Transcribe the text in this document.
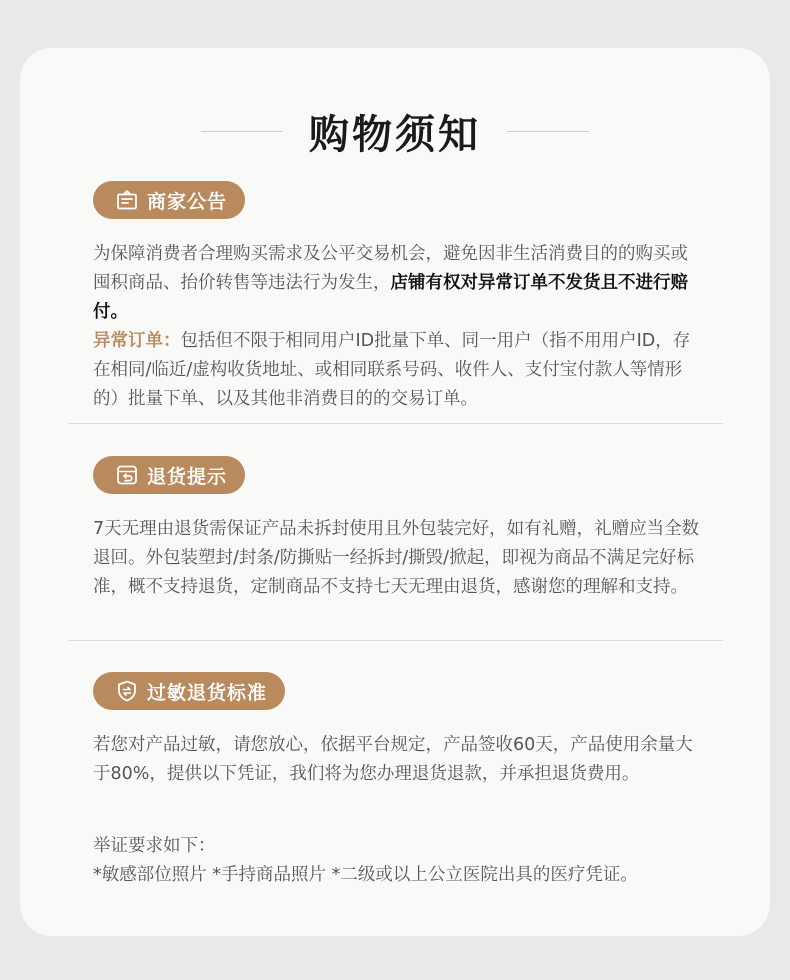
购物须知
商家公告

为保障消费者合理购买需求及公平交易机会，避免因非生活消费目的的购买或囤积商品、抬价转售等违法行为发生，店铺有权对异常订单不发货且不进行赔付。

异常订单：包括但不限于相同用户ID批量下单、同一用户（指不用用户ID，存在相同/临近/虚构收货地址、或相同联系号码、收件人、支付宝付款人等情形的）批量下单、以及其他非消费目的的交易订单。

退货提示

7天无理由退货需保证产品未拆封使用且外包装完好，如有礼赠，礼赠应当全数退回。外包装塑封/封条/防撕贴一经拆封/撕毁/掀起，即视为商品不满足完好标准，概不支持退货，定制商品不支持七天无理由退货，感谢您的理解和支持。

过敏退货标准

若您对产品过敏，请您放心，依据平台规定，产品签收60天，产品使用余量大于80%，提供以下凭证，我们将为您办理退货退款，并承担退货费用。

举证要求如下：

*敏感部位照片 *手持商品照片 *二级或以上公立医院出具的医疗凭证。
